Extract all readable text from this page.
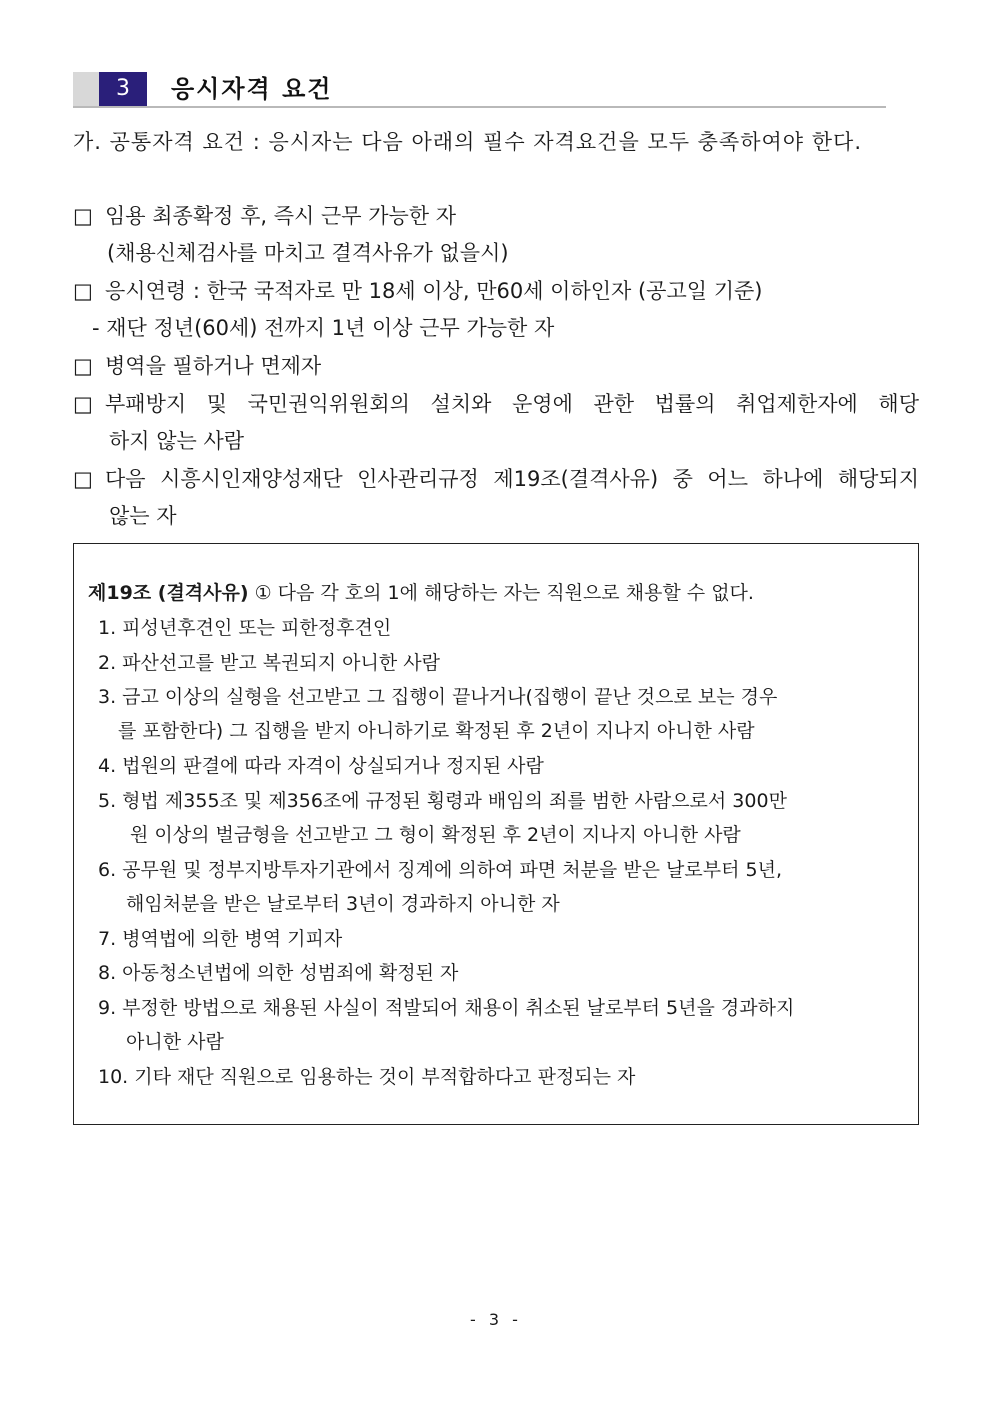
3	응시자격 요건
가. 공통자격 요건 : 응시자는 다음 아래의 필수 자격요건을 모두 충족하여야 한다.
□ 임용 최종확정 후, 즉시 근무 가능한 자
(채용신체검사를 마치고 결격사유가 없을시)
□ 응시연령 : 한국 국적자로 만 18세 이상, 만60세 이하인자 (공고일 기준)
- 재단 정년(60세) 전까지 1년 이상 근무 가능한 자
□ 병역을 필하거나 면제자
□ 부패방지 및 국민권익위원회의 설치와 운영에 관한 법률의 취업제한자에 해당
하지 않는 사람
□ 다음 시흥시인재양성재단 인사관리규정 제19조(결격사유) 중 어느 하나에 해당되지
않는 자
제19조 (결격사유) ① 다음 각 호의 1에 해당하는 자는 직원으로 채용할 수 없다.
1. 피성년후견인 또는 피한정후견인
2. 파산선고를 받고 복권되지 아니한 사람
3. 금고 이상의 실형을 선고받고 그 집행이 끝나거나(집행이 끝난 것으로 보는 경우
를 포함한다) 그 집행을 받지 아니하기로 확정된 후 2년이 지나지 아니한 사람
4. 법원의 판결에 따라 자격이 상실되거나 정지된 사람
5. 형법 제355조 및 제356조에 규정된 횡령과 배임의 죄를 범한 사람으로서 300만
원 이상의 벌금형을 선고받고 그 형이 확정된 후 2년이 지나지 아니한 사람
6. 공무원 및 정부지방투자기관에서 징계에 의하여 파면 처분을 받은 날로부터 5년,
해임처분을 받은 날로부터 3년이 경과하지 아니한 자
7. 병역법에 의한 병역 기피자
8. 아동청소년법에 의한 성범죄에 확정된 자
9. 부정한 방법으로 채용된 사실이 적발되어 채용이 취소된 날로부터 5년을 경과하지
아니한 사람
10. 기타 재단 직원으로 임용하는 것이 부적합하다고 판정되는 자
- 3 -
